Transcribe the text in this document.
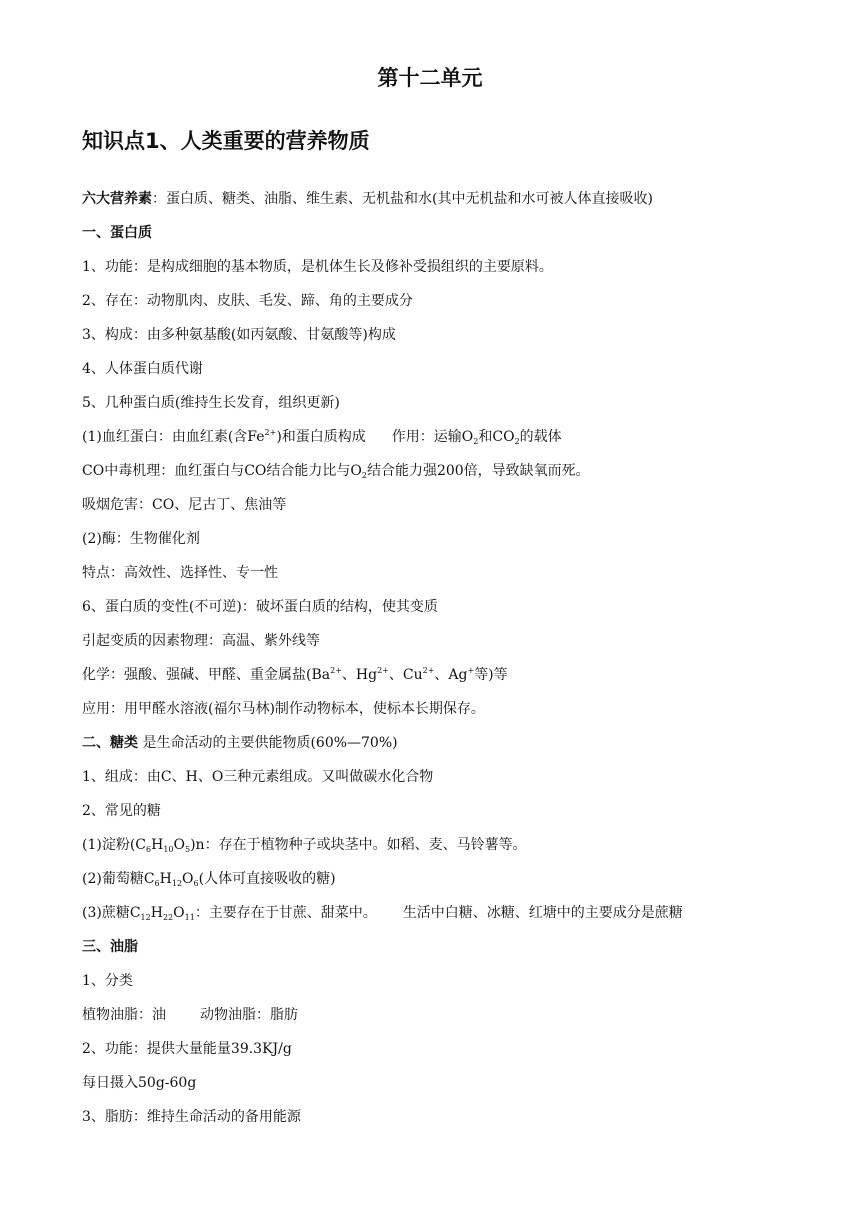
第十二单元
知识点1、人类重要的营养物质
六大营养素：蛋白质、糖类、油脂、维生素、无机盐和水(其中无机盐和水可被人体直接吸收)
一、蛋白质
1、功能：是构成细胞的基本物质，是机体生长及修补受损组织的主要原料。
2、存在：动物肌肉、皮肤、毛发、蹄、角的主要成分
3、构成：由多种氨基酸(如丙氨酸、甘氨酸等)构成
4、人体蛋白质代谢
5、几种蛋白质(维持生长发育，组织更新)
(1)血红蛋白：由血红素(含$Fe^{2+}$)和蛋白质构成 作用：运输$O_2$和$CO_2$的载体
CO中毒机理：血红蛋白与CO结合能力比与$O_2$结合能力强200倍，导致缺氧而死。
吸烟危害：CO、尼古丁、焦油等
(2)酶：生物催化剂
特点：高效性、选择性、专一性
6、蛋白质的变性(不可逆)：破坏蛋白质的结构，使其变质
引起变质的因素物理：高温、紫外线等
化学：强酸、强碱、甲醛、重金属盐($Ba^{2+}$、$Hg^{2+}$、$Cu^{2+}$、Ag+等)等
应用：用甲醛水溶液(福尔马林)制作动物标本，使标本长期保存。
二、糖类 是生命活动的主要供能物质(60%—70%)
1、组成：由C、H、O三种元素组成。又叫做碳水化合物
2、常见的糖
(1)淀粉$(C_6H_{10}O_5)n$：存在于植物种子或块茎中。如稻、麦、马铃薯等。
(2)葡萄糖$C_6H_{12}O_6$(人体可直接吸收的糖)
(3)蔗糖$C_{12}H_{22}O_{11}$：主要存在于甘蔗、甜菜中。 生活中白糖、冰糖、红塘中的主要成分是蔗糖
三、油脂
1、分类
植物油脂：油 动物油脂：脂肪
2、功能：提供大量能量39.3KJ/g
每日摄入50g-60g
3、脂肪：维持生命活动的备用能源
